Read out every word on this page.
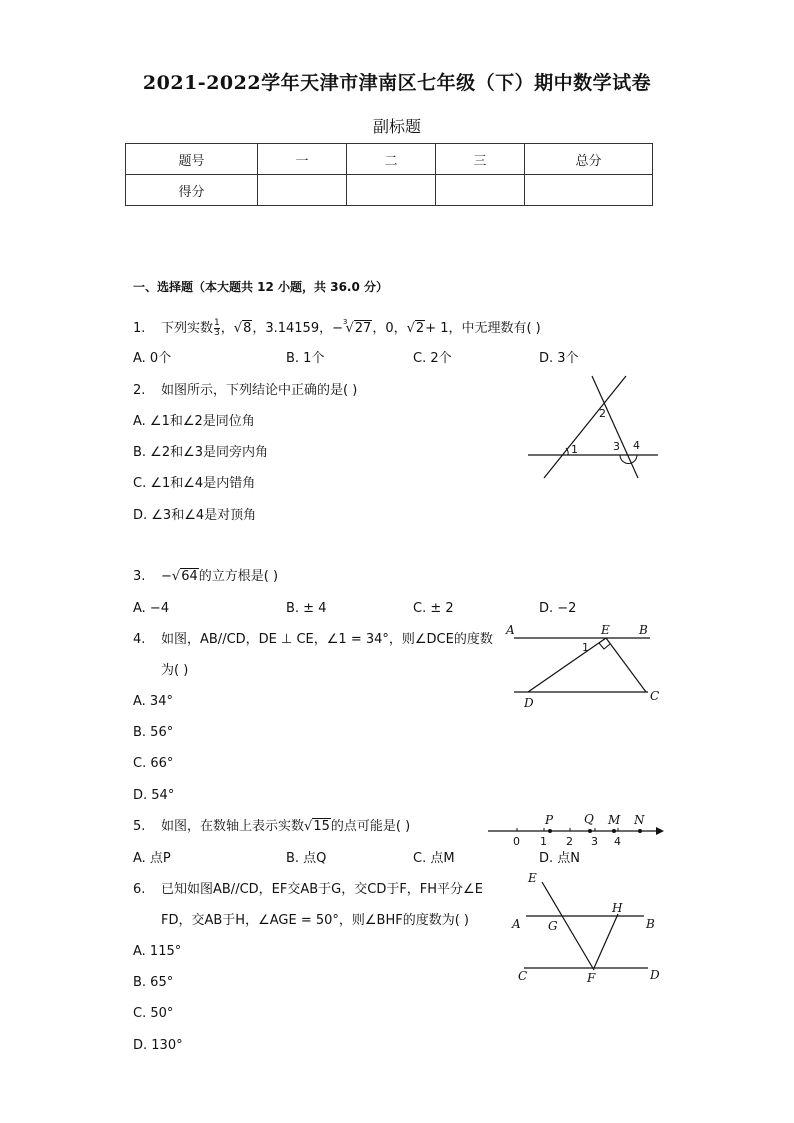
2021-2022学年天津市津南区七年级（下）期中数学试卷
副标题
题号	一	二	三	总分
得分				
一、选择题（本大题共 12 小题，共 36.0 分）
1. 下列实数 $\frac{1}{3}$ ，√8，3.14159，−$^3$√27，0，√2+ 1，中无理数有( )
A. 0个	B. 1个	C. 2个	D. 3个
2. 如图所示，下列结论中正确的是( )
A. ∠1和∠2是同位角
B. ∠2和∠3是同旁内角
C. ∠1和∠4是内错角
D. ∠3和∠4是对顶角
1
2
3 4
3. −√64的立方根是( )
A. −4	B. ± 4	C. ± 2	D. −2
4. 如图，AB//CD，DE ⊥ CE，∠1 = 34°，则∠DCE的度数
为( )
A. 34°
B. 56°
C. 66°
D. 54°
A	E B
1
D	C
5. 如图，在数轴上表示实数√15的点可能是( )
A. 点P	B. 点Q	C. 点M	D. 点N
P	Q M N
0 1 2 3 4
6. 已知如图AB//CD，EF交AB于G，交CD于F，FH平分∠E
FD，交AB于H，∠AGE = 50°，则∠BHF的度数为( )
A. 115°
B. 65°
C. 50°
D. 130°
E
H
A G	B
C	F	D
